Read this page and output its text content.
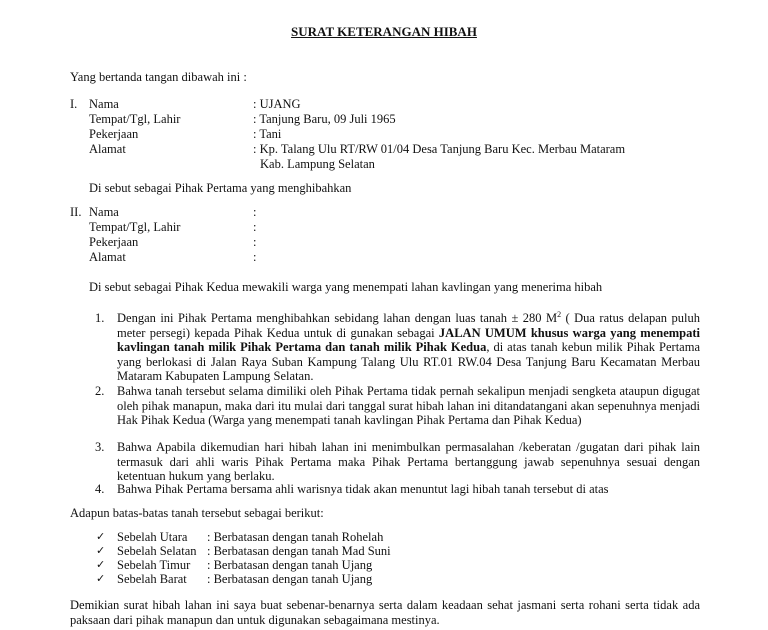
SURAT KETERANGAN HIBAH
Yang bertanda tangan dibawah ini :
I. Nama	: UJANG
Tempat/Tgl, Lahir	: Tanjung Baru, 09 Juli 1965
Pekerjaan	: Tani
Alamat	: Kp. Talang Ulu RT/RW 01/04 Desa Tanjung Baru Kec. Merbau Mataram
Kab. Lampung Selatan
Di sebut sebagai Pihak Pertama yang menghibahkan
II. Nama	:
Tempat/Tgl, Lahir	:
Pekerjaan	:
Alamat	:
Di sebut sebagai Pihak Kedua mewakili warga yang menempati lahan kavlingan yang menerima hibah
1. Dengan ini Pihak Pertama menghibahkan sebidang lahan dengan luas tanah ± 280 $M^2$ ( Dua ratus delapan puluh meter persegi) kepada Pihak Kedua untuk di gunakan sebagai JALAN UMUM khusus warga yang menempati kavlingan tanah milik Pihak Pertama dan tanah milik Pihak Kedua, di atas tanah kebun milik Pihak Pertama yang berlokasi di Jalan Raya Suban Kampung Talang Ulu RT.01 RW.04 Desa Tanjung Baru Kecamatan Merbau Mataram Kabupaten Lampung Selatan.
2. Bahwa tanah tersebut selama dimiliki oleh Pihak Pertama tidak pernah sekalipun menjadi sengketa ataupun digugat oleh pihak manapun, maka dari itu mulai dari tanggal surat hibah lahan ini ditandatangani akan sepenuhnya menjadi Hak Pihak Kedua (Warga yang menempati tanah kavlingan Pihak Pertama dan Pihak Kedua)
3. Bahwa Apabila dikemudian hari hibah lahan ini menimbulkan permasalahan /keberatan /gugatan dari pihak lain termasuk dari ahli waris Pihak Pertama maka Pihak Pertama bertanggung jawab sepenuhnya sesuai dengan ketentuan hukum yang berlaku.
4. Bahwa Pihak Pertama bersama ahli warisnya tidak akan menuntut lagi hibah tanah tersebut di atas
Adapun batas-batas tanah tersebut sebagai berikut:
✓ Sebelah Utara : Berbatasan dengan tanah Rohelah
✓ Sebelah Selatan : Berbatasan dengan tanah Mad Suni
✓ Sebelah Timur : Berbatasan dengan tanah Ujang
✓ Sebelah Barat : Berbatasan dengan tanah Ujang
Demikian surat hibah lahan ini saya buat sebenar-benarnya serta dalam keadaan sehat jasmani serta rohani serta tidak ada paksaan dari pihak manapun dan untuk digunakan sebagaimana mestinya.
